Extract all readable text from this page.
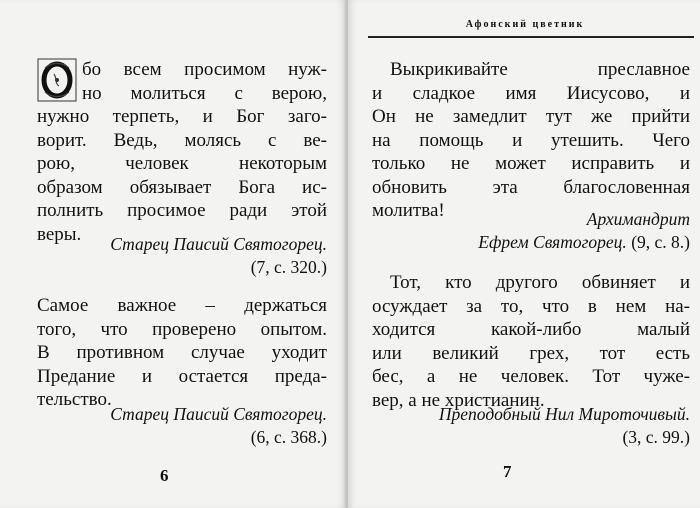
бо всем просимом нуж-
но молиться с верою,
нужно терпеть, и Бог заго-
ворит. Ведь, молясь с ве-
рою, человек некоторым
образом обязывает Бога ис-
полнить просимое ради этой
веры.	Старец Паисий Святогорец.
(7, с. 320.)
Самое важное – держаться
того, что проверено опытом.
В противном случае уходит
Предание и остается преда-
тельство.
Старец Паисий Святогорец.
(6, с. 368.)
6
Афонский цветник
Выкрикивайте преславное
и сладкое имя Иисусово, и
Он не замедлит тут же прийти
на помощь и утешить. Чего
только не может исправить и
обновить эта благословенная
молитва!	Архимандрит
Ефрем Святогорец. (9, с. 8.)
Тот, кто другого обвиняет и
осуждает за то, что в нем на-
ходится какой-либо малый
или великий грех, тот есть
бес, а не человек. Тот чуже-
вер, а не христианин.
Преподобный Нил Мироточивый.
(3, с. 99.)
7
